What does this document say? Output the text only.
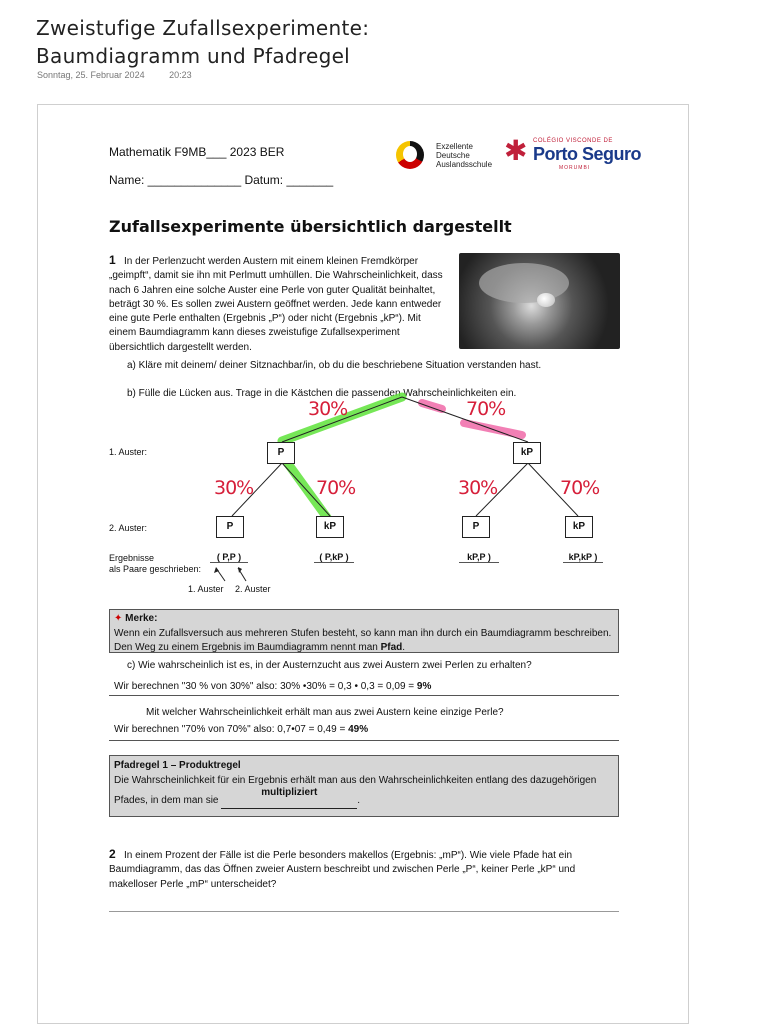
Zweistufige Zufallsexperimente:
Baumdiagramm und Pfadregel
Sonntag, 25. Februar 2024	20:23
Mathematik F9MB___ 2023 BER
Name: ______________ Datum: _______
Exzellente
Deutsche
Auslandsschule ✱ COLÉGIO VISCONDE DE
Porto Seguro
MORUMBI
Zufallsexperimente übersichtlich dargestellt
1 In der Perlenzucht werden Austern mit einem kleinen Fremdkörper „geimpft“, damit sie ihn mit Perlmutt umhüllen. Die Wahrscheinlichkeit, dass nach 6 Jahren eine solche Auster eine Perle von guter Qualität beinhaltet, beträgt 30 %. Es sollen zwei Austern geöffnet werden. Jede kann entweder eine gute Perle enthalten (Ergebnis „P“) oder nicht (Ergebnis „kP“). Mit einem Baumdiagramm kann dieses zweistufige Zufallsexperiment übersichtlich dargestellt werden.
a) Kläre mit deinem/ deiner Sitznachbar/in, ob du die beschriebene Situation verstanden hast.
b) Fülle die Lücken aus. Trage in die Kästchen die passenden Wahrscheinlichkeiten ein.
30%	70%
30%	70%	30%	70%
1. Auster:
2. Auster:
Ergebnisse
als Paare geschrieben:
P	kP
P	kP	P	kP
( P,P )	( P,kP )	kP,P )	kP,kP )
1. Auster 2. Auster
✦ Merke:
Wenn ein Zufallsversuch aus mehreren Stufen besteht, so kann man ihn durch ein Baumdiagramm beschreiben. Den Weg zu einem Ergebnis im Baumdiagramm nennt man Pfad.
c) Wie wahrscheinlich ist es, in der Austernzucht aus zwei Austern zwei Perlen zu erhalten?
Wir berechnen "30 % von 30%" also: 30% •30% = 0,3 • 0,3 = 0,09 = 9%
Mit welcher Wahrscheinlichkeit erhält man aus zwei Austern keine einzige Perle?
Wir berechnen "70% von 70%" also: 0,7•07 = 0,49 = 49%
Pfadregel 1 – Produktregel
Die Wahrscheinlichkeit für ein Ergebnis erhält man aus den Wahrscheinlichkeiten entlang des dazugehörigen
Pfades, in dem man sie
multipliziert
.
2 In einem Prozent der Fälle ist die Perle besonders makellos (Ergebnis: „mP“). Wie viele Pfade hat ein Baumdiagramm, das das Öffnen zweier Austern beschreibt und zwischen Perle „P“, keiner Perle „kP“ und makelloser Perle „mP“ unterscheidet?
